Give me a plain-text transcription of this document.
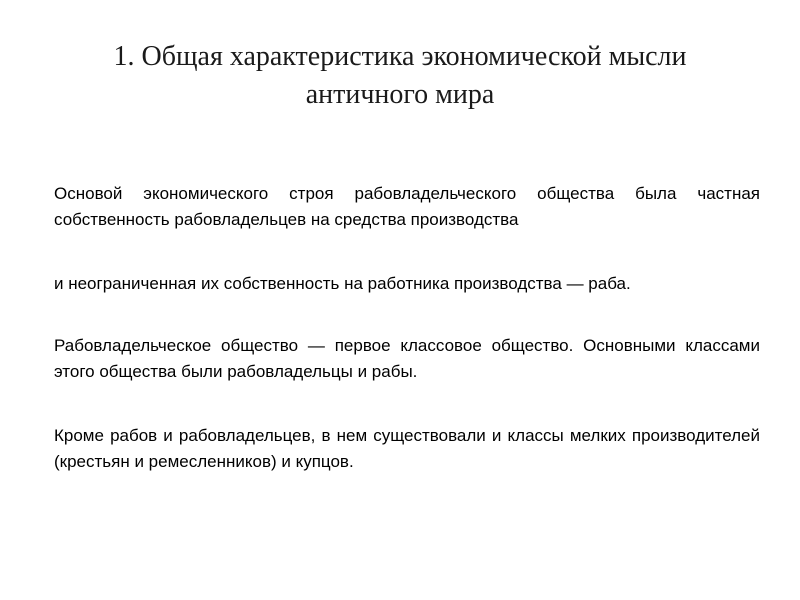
1. Общая характеристика экономической мысли античного мира

Основой экономического строя рабовладельческого общества была частная собственность рабовладельцев на средства производства

и неограниченная их собственность на работника производства — раба.

Рабовладельческое общество — первое классовое общество. Основными классами этого общества были рабовладельцы и рабы.

Кроме рабов и рабовладельцев, в нем существовали и классы мелких производителей (крестьян и ремесленников) и купцов.
